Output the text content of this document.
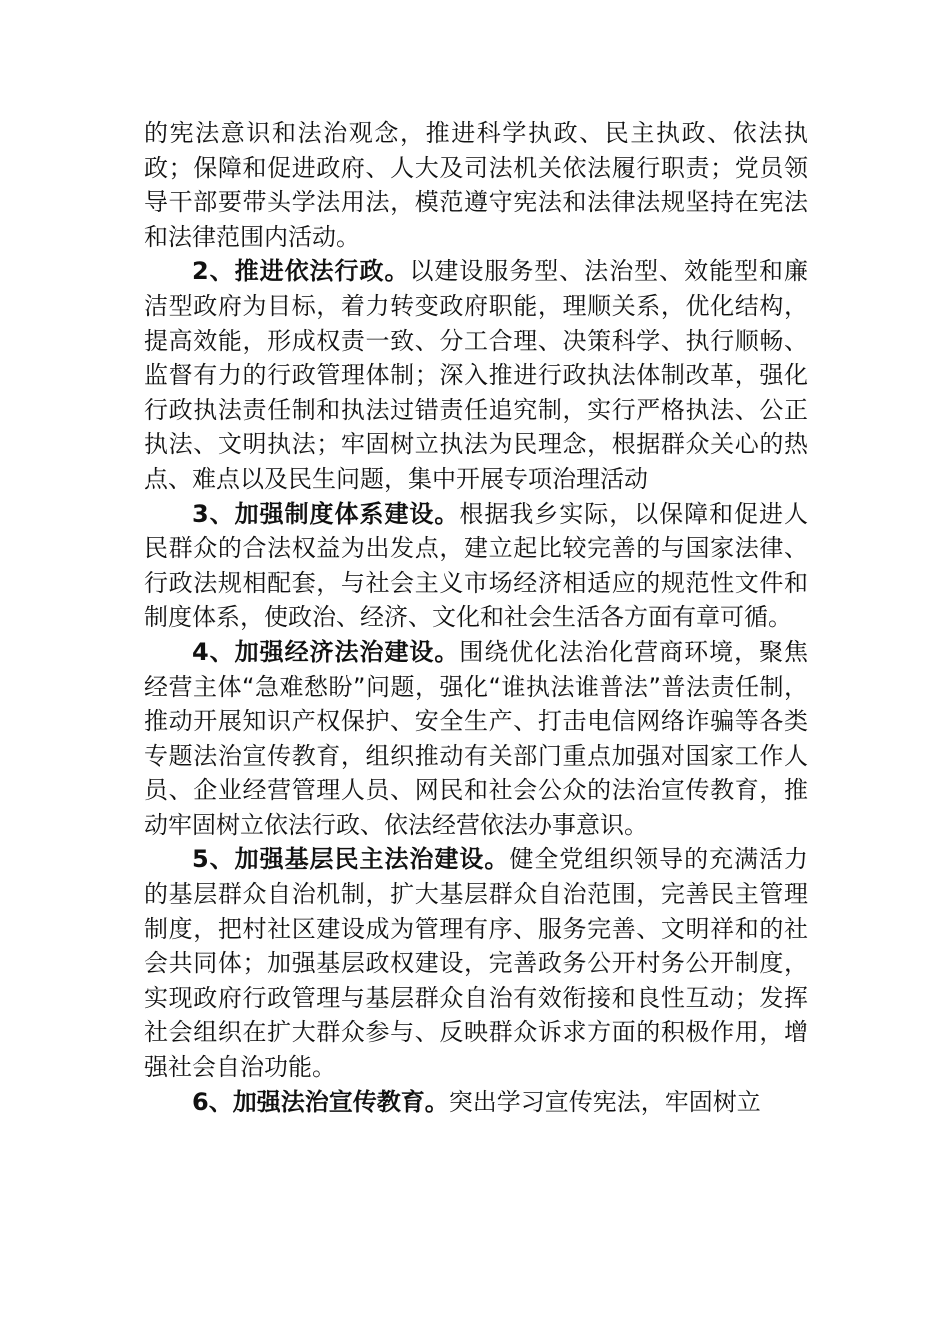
的宪法意识和法治观念，推进科学执政、民主执政、依法执政；保障和促进政府、人大及司法机关依法履行职责；党员领导干部要带头学法用法，模范遵守宪法和法律法规坚持在宪法和法律范围内活动。

2、推进依法行政。以建设服务型、法治型、效能型和廉洁型政府为目标，着力转变政府职能，理顺关系，优化结构，提高效能，形成权责一致、分工合理、决策科学、执行顺畅、监督有力的行政管理体制；深入推进行政执法体制改革，强化行政执法责任制和执法过错责任追究制，实行严格执法、公正执法、文明执法；牢固树立执法为民理念，根据群众关心的热点、难点以及民生问题，集中开展专项治理活动

3、加强制度体系建设。根据我乡实际，以保障和促进人民群众的合法权益为出发点，建立起比较完善的与国家法律、行政法规相配套，与社会主义市场经济相适应的规范性文件和制度体系，使政治、经济、文化和社会生活各方面有章可循。

4、加强经济法治建设。围绕优化法治化营商环境，聚焦经营主体“急难愁盼”问题，强化“谁执法谁普法”普法责任制，推动开展知识产权保护、安全生产、打击电信网络诈骗等各类专题法治宣传教育，组织推动有关部门重点加强对国家工作人员、企业经营管理人员、网民和社会公众的法治宣传教育，推动牢固树立依法行政、依法经营依法办事意识。

5、加强基层民主法治建设。健全党组织领导的充满活力的基层群众自治机制，扩大基层群众自治范围，完善民主管理制度，把村社区建设成为管理有序、服务完善、文明祥和的社会共同体；加强基层政权建设，完善政务公开村务公开制度，实现政府行政管理与基层群众自治有效衔接和良性互动；发挥社会组织在扩大群众参与、反映群众诉求方面的积极作用，增强社会自治功能。

6、加强法治宣传教育。突出学习宣传宪法，牢固树立
